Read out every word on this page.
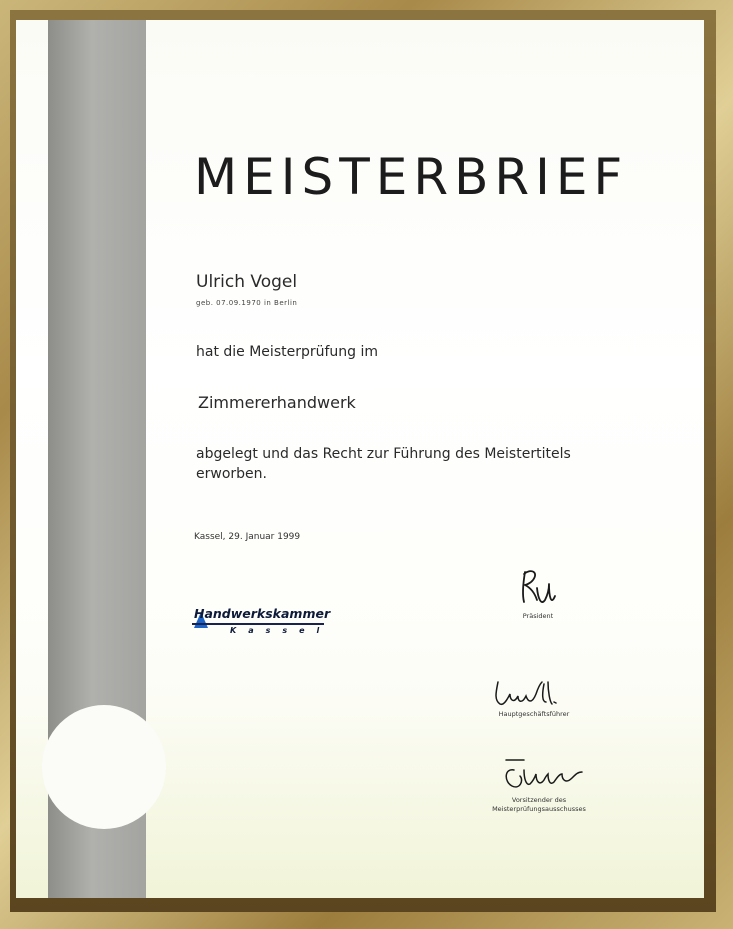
MEISTERBRIEF
Ulrich Vogel
geb. 07.09.1970 in Berlin
hat die Meisterprüfung im
Zimmererhandwerk
abgelegt und das Recht zur Führung des Meistertitels erworben.
Kassel, 29. Januar 1999
Handwerkskammer
Kassel
Präsident
Hauptgeschäftsführer
Vorsitzender des
Meisterprüfungsausschusses
